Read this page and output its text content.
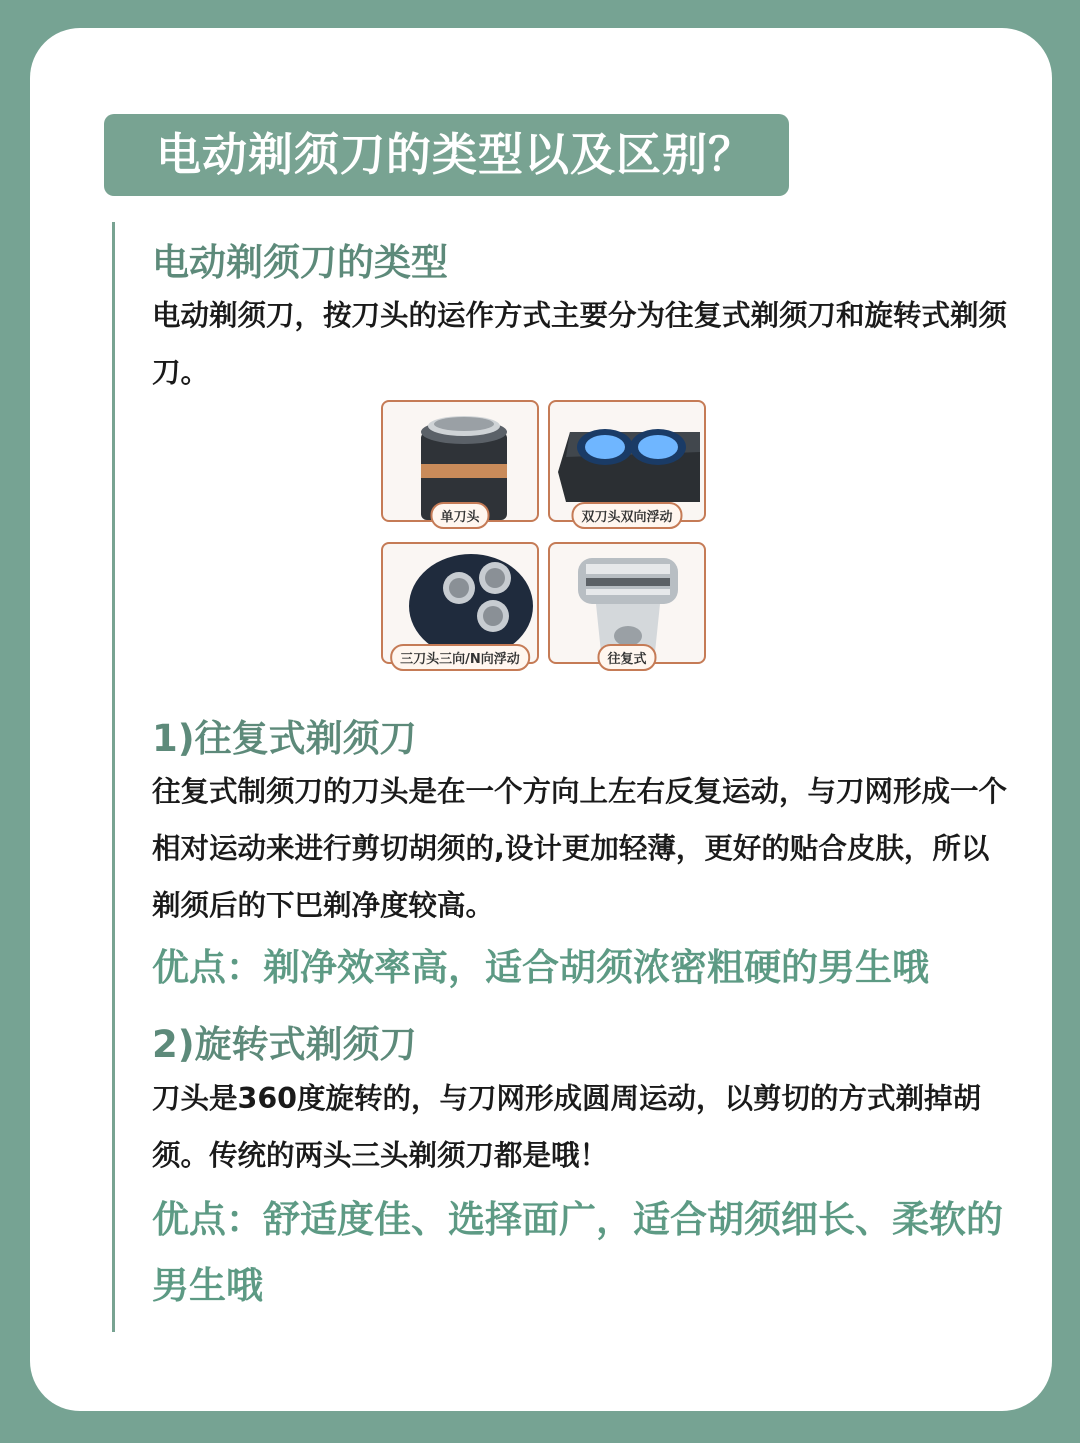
电动剃须刀的类型以及区别？
电动剃须刀的类型

电动剃须刀，按刀头的运作方式主要分为往复式剃须刀和旋转式剃须刀。

单刀头	双刀头双向浮动
三刀头三向/N向浮动	往复式
1)往复式剃须刀

往复式制须刀的刀头是在一个方向上左右反复运动，与刀网形成一个相对运动来进行剪切胡须的,设计更加轻薄，更好的贴合皮肤，所以剃须后的下巴剃净度较高。

优点：剃净效率高，适合胡须浓密粗硬的男生哦

2)旋转式剃须刀

刀头是360度旋转的，与刀网形成圆周运动，以剪切的方式剃掉胡须。传统的两头三头剃须刀都是哦！

优点：舒适度佳、选择面广，适合胡须细长、柔软的男生哦
